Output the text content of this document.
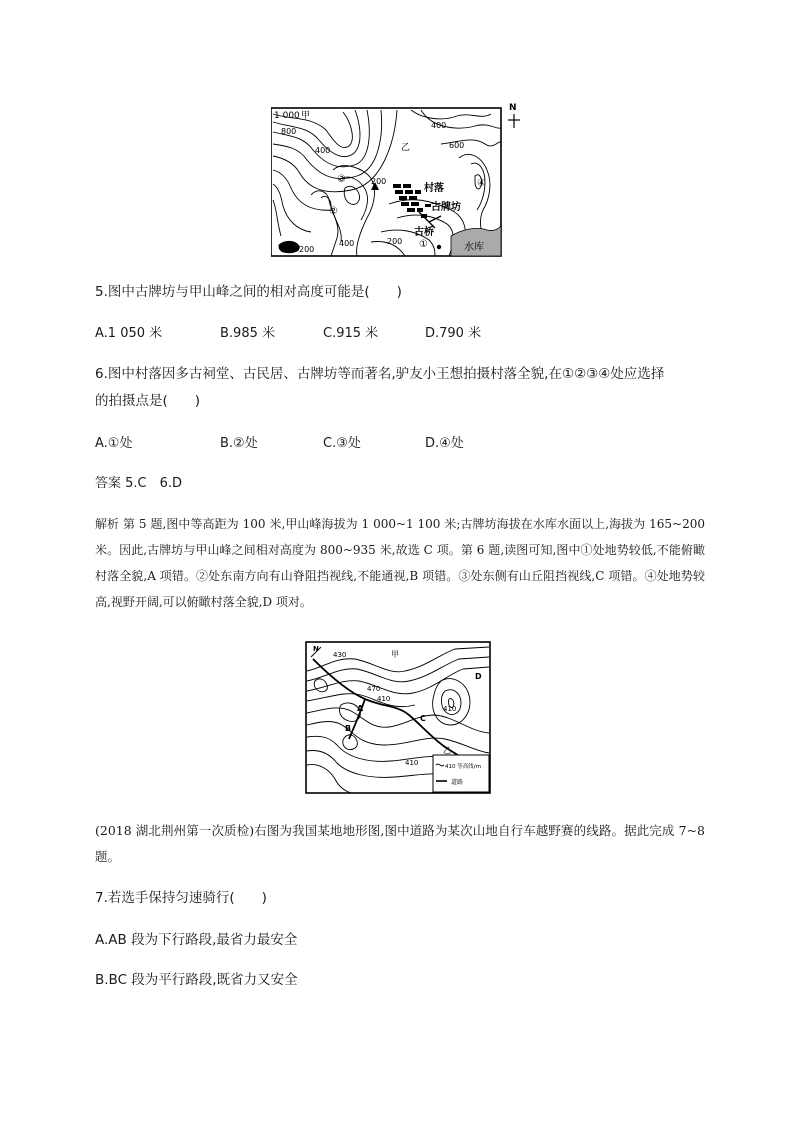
N
1 000 甲
800
400
400
600
乙
200
400	200
200
村落
古牌坊
古桥
①
②
③	④
水库
5.图中古牌坊与甲山峰之间的相对高度可能是(　　)
A.1 050 米	B.985 米	C.915 米	D.790 米
6.图中村落因多古祠堂、古民居、古牌坊等而著名,驴友小王想拍摄村落全貌,在①②③④处应选择
的拍摄点是(　　)
A.①处	B.②处	C.③处	D.④处
答案 5.C　6.D
解析 第 5 题,图中等高距为 100 米,甲山峰海拔为 1 000~1 100 米;古牌坊海拔在水库水面以上,海拔为 165~200 米。因此,古牌坊与甲山峰之间相对高度为 800~935 米,故选 C 项。第 6 题,读图可知,图中①处地势较低,不能俯瞰村落全貌,A 项错。②处东南方向有山脊阻挡视线,不能通视,B 项错。③处东侧有山丘阻挡视线,C 项错。④处地势较高,视野开阔,可以俯瞰村落全貌,D 项对。
N
430	甲
D
470
410
410
C
B
A
乙
410	410 等高线/m
道路
(2018 湖北荆州第一次质检)右图为我国某地地形图,图中道路为某次山地自行车越野赛的线路。据此完成 7~8 题。
7.若选手保持匀速骑行(　　)
A.AB 段为下行路段,最省力最安全
B.BC 段为平行路段,既省力又安全
